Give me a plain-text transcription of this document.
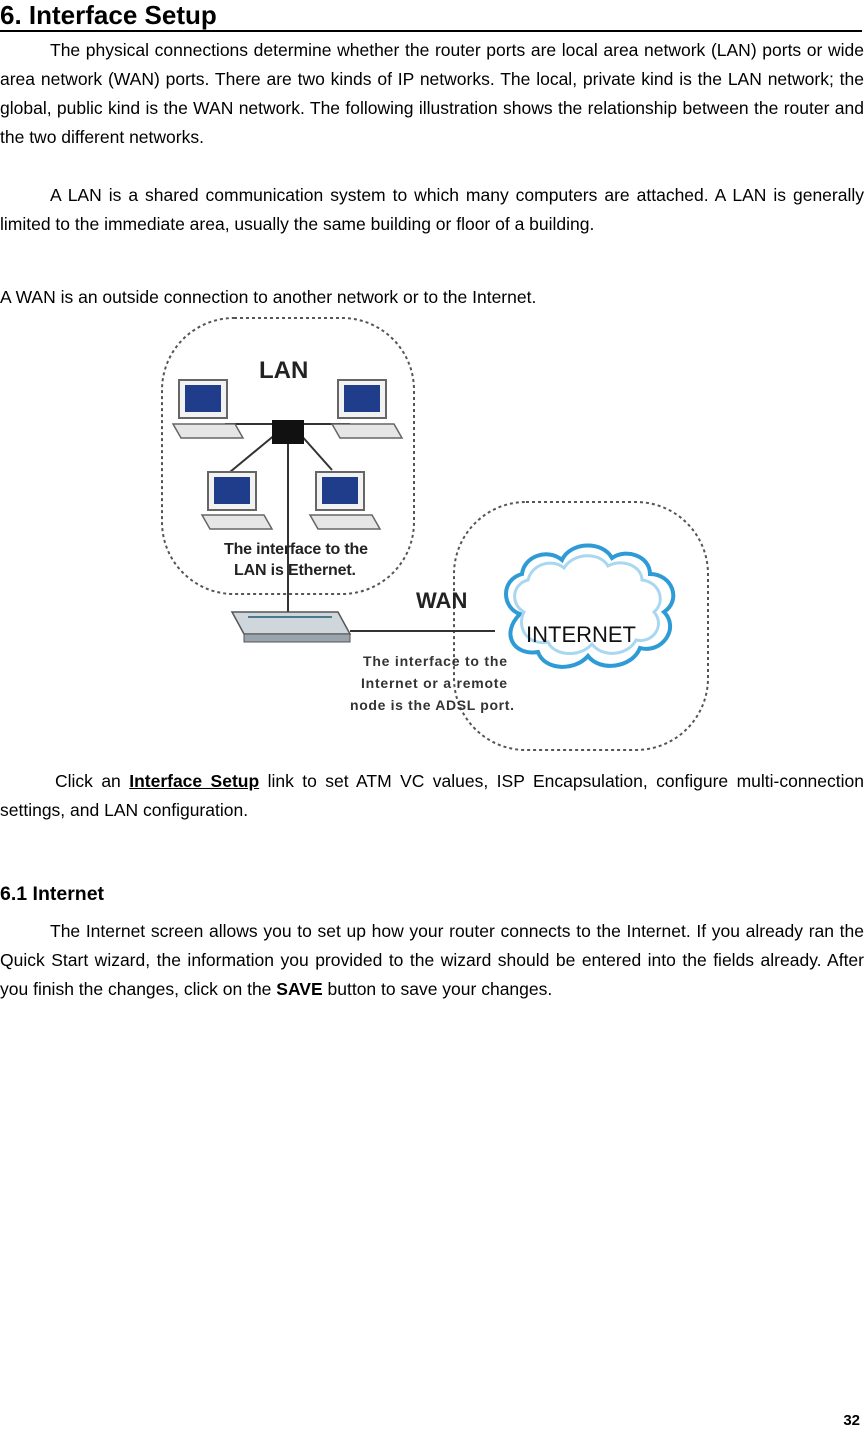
6. Interface Setup
The physical connections determine whether the router ports are local area network (LAN) ports or wide area network (WAN) ports. There are two kinds of IP networks. The local, private kind is the LAN network; the global, public kind is the WAN network. The following illustration shows the relationship between the router and the two different networks.
A LAN is a shared communication system to which many computers are attached. A LAN is generally limited to the immediate area, usually the same building or floor of a building.
A WAN is an outside connection to another network or to the Internet.
LAN
The interface to the
LAN is Ethernet.
WAN
INTERNET
The interface to the
Internet or a remote
node is the ADSL port.
Click an Interface Setup link to set ATM VC values, ISP Encapsulation, configure multi-connection settings, and LAN configuration.
6.1 Internet
The Internet screen allows you to set up how your router connects to the Internet. If you already ran the Quick Start wizard, the information you provided to the wizard should be entered into the fields already. After you finish the changes, click on the SAVE button to save your changes.
32
